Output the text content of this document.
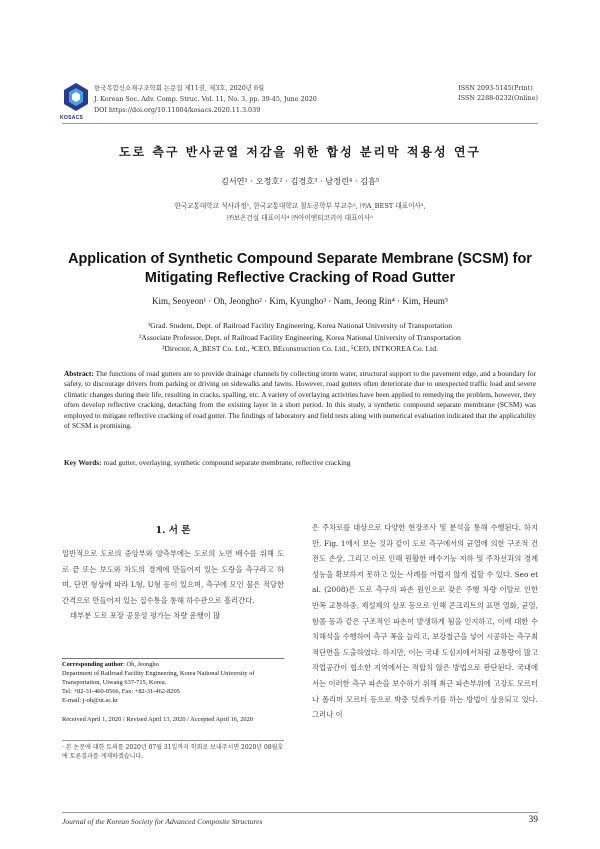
KOSACS
한국복합신소재구조학회 논문집 제11권, 제3호, 2020년 6월
J. Korean Soc. Adv. Comp. Struc. Vol. 11, No. 3, pp. 39-45, June 2020
DOI https://doi.org/10.11004/kosacs.2020.11.3.039
ISSN 2093-5145(Print)
ISSN 2288-0232(Online)
도로 측구 반사균열 저감을 위한 합성 분리막 적용성 연구
김서연¹ · 오정호² · 김경호³ · 남정린⁴ · 김흠⁵
한국교통대학교 석사과정¹, 한국교통대학교 철도공학부 부교수², ㈜A_BEST 대표이사³,
㈜보은건설 대표이사⁴ ㈜아이엔티코리아 대표이사⁵
Application of Synthetic Compound Separate Membrane (SCSM) for Mitigating Reflective Cracking of Road Gutter
Kim, Seoyeon¹ · Oh, Jeongho² · Kim, Kyungho³ · Nam, Jeong Rin⁴ · Kim, Heum⁵
¹Grad. Student, Dept. of Railroad Facility Engineering, Korea National University of Transportation
²Associate Professor, Dept. of Railroad Facility Engineering, Korea National University of Transportation
³Director, A_BEST Co. Ltd., ⁴CEO, BEconstruction Co. Ltd., ⁵CEO, INTKOREA Co. Ltd.
Abstract: The functions of road gutters are to provide drainage channels by collecting storm water, structural support to the pavement edge, and a boundary for safety, to discourage drivers from parking or driving on sidewalks and lawns. However, road gutters often deteriorate due to unexpected traffic load and severe climatic changes during their life, resulting in cracks, spalling, etc. A variety of overlaying activities have been applied to remedying the problem, however, they often develop reflective cracking, detaching from the existing layer in a short period. In this study, a synthetic compound separate membrane (SCSM) was employed to mitigate reflective cracking of road gutter. The findings of laboratory and field tests along with numerical evaluation indicated that the applicability of SCSM is promising.
Key Words: road gutter, overlaying, synthetic compound separate membrane, reflective cracking
1. 서 론

일반적으로 도로의 중앙부와 양측부에는 도로의 노면 배수를 위해 도로 끝 또는 보도와 차도의 경계에 만들어져 있는 도랑을 측구라고 하며, 단면 형상에 따라 L형, U형 등이 있으며, 측구에 모인 물은 적당한 간격으로 만들어져 있는 집수통을 통해 하수관으로 흘러간다.

대부분 도로 포장 공용성 평가는 차량 운행이 많

Corresponding author: Oh, Jeongho
Department of Railroad Facility Engineering, Korea National University of Transportation, Uiwang 637-715, Korea.
Tel: +82-31-460-0566, Fax: +82-31-462-8205
E-mail: j-oh@ut.ac.kr
Received April 1, 2020 / Revised April 13, 2020 / Accepted April 16, 2020
· 본 논문에 대한 토의를 2020년 07월 31일까지 학회로 보내주시면 2020년 08월호에 토론결과를 게재하겠습니다.

은 주차로를 대상으로 다양한 현장조사 및 분석을 통해 수행된다. 하지만, Fig. 1에서 보는 것과 같이 도로 측구에서의 균열에 의한 구조적 건전도 손상, 그리고 이로 인해 원활한 배수기능 저하 및 주차선과의 경계성능을 확보하지 못하고 있는 사례를 어렵지 않게 접할 수 있다. Seo et al. (2008)은 도로 측구의 파손 원인으로 잦은 주행 차량 이탈로 인한 반복 교통하중, 제설제의 살포 등으로 인해 콘크리트의 표면 열화, 균열, 함몰 등과 같은 구조적인 파손이 발생하게 됨을 인지하고, 이에 대한 수치해석을 수행하여 측구 폭을 늘리고, 보강철근을 넣어 시공하는 측구최적단면을 도출하였다. 하지만, 이는 국내 도심지에서처럼 교통량이 많고 작업공간이 협소한 지역에서는 적합치 않은 방법으로 판단된다. 국내에서는 이러한 측구 파손을 보수하기 위해 최근 파손부위에 고강도 모르터나 폴리머 모르터 등으로 박층 덧씌우기를 하는 방법이 상용되고 있다. 그러나 이

Journal of the Korean Society for Advanced Composite Structures	39
